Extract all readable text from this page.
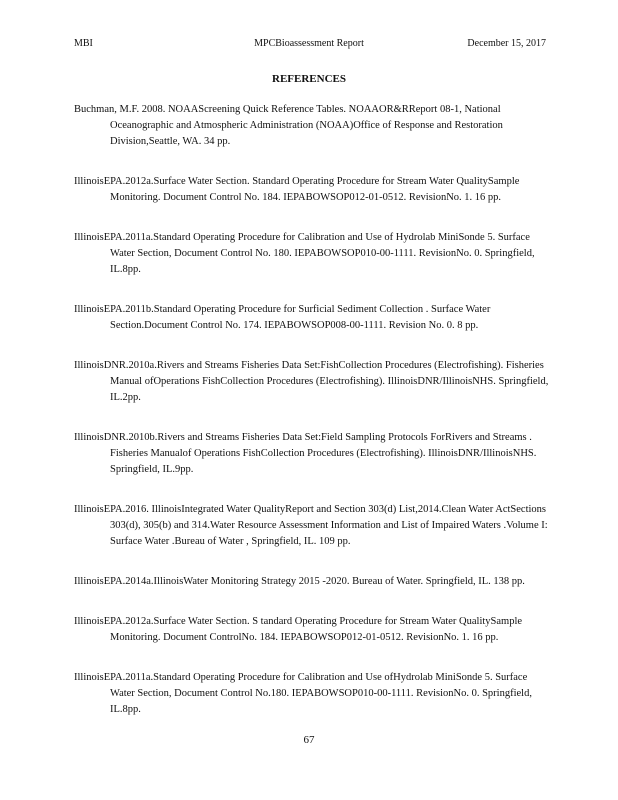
MBI	MPCBioassessment Report	December 15, 2017
REFERENCES
Buchman, M.F. 2008. NOAAScreening Quick Reference Tables. NOAAOR&RReport 08-1, National Oceanographic and Atmospheric Administration (NOAA)Office of Response and Restoration Division,Seattle, WA. 34 pp.
IllinoisEPA.2012a.Surface Water Section. Standard Operating Procedure for Stream Water QualitySample Monitoring. Document Control No. 184. IEPABOWSOP012-01-0512. RevisionNo. 1. 16 pp.
IllinoisEPA.2011a.Standard Operating Procedure for Calibration and Use of Hydrolab MiniSonde 5. Surface Water Section, Document Control No. 180. IEPABOWSOP010-00-1111. RevisionNo. 0. Springfield, IL.8pp.
IllinoisEPA.2011b.Standard Operating Procedure for Surficial Sediment Collection . Surface Water Section.Document Control No. 174. IEPABOWSOP008-00-1111. Revision No. 0. 8 pp.
IllinoisDNR.2010a.Rivers and Streams Fisheries Data Set:FishCollection Procedures (Electrofishing). Fisheries Manual ofOperations FishCollection Procedures (Electrofishing). IllinoisDNR/IllinoisNHS. Springfield, IL.2pp.
IllinoisDNR.2010b.Rivers and Streams Fisheries Data Set:Field Sampling Protocols ForRivers and Streams . Fisheries Manualof Operations FishCollection Procedures (Electrofishing). IllinoisDNR/IllinoisNHS. Springfield, IL.9pp.
IllinoisEPA.2016. IllinoisIntegrated Water QualityReport and Section 303(d) List,2014.Clean Water ActSections 303(d), 305(b) and 314.Water Resource Assessment Information and List of Impaired Waters .Volume I: Surface Water .Bureau of Water , Springfield, IL. 109 pp.
IllinoisEPA.2014a.IllinoisWater Monitoring Strategy 2015 -2020. Bureau of Water. Springfield, IL. 138 pp.
IllinoisEPA.2012a.Surface Water Section. S tandard Operating Procedure for Stream Water QualitySample Monitoring. Document ControlNo. 184. IEPABOWSOP012-01-0512. RevisionNo. 1. 16 pp.
IllinoisEPA.2011a.Standard Operating Procedure for Calibration and Use ofHydrolab MiniSonde 5. Surface Water Section, Document Control No.180. IEPABOWSOP010-00-1111. RevisionNo. 0. Springfield, IL.8pp.
67
